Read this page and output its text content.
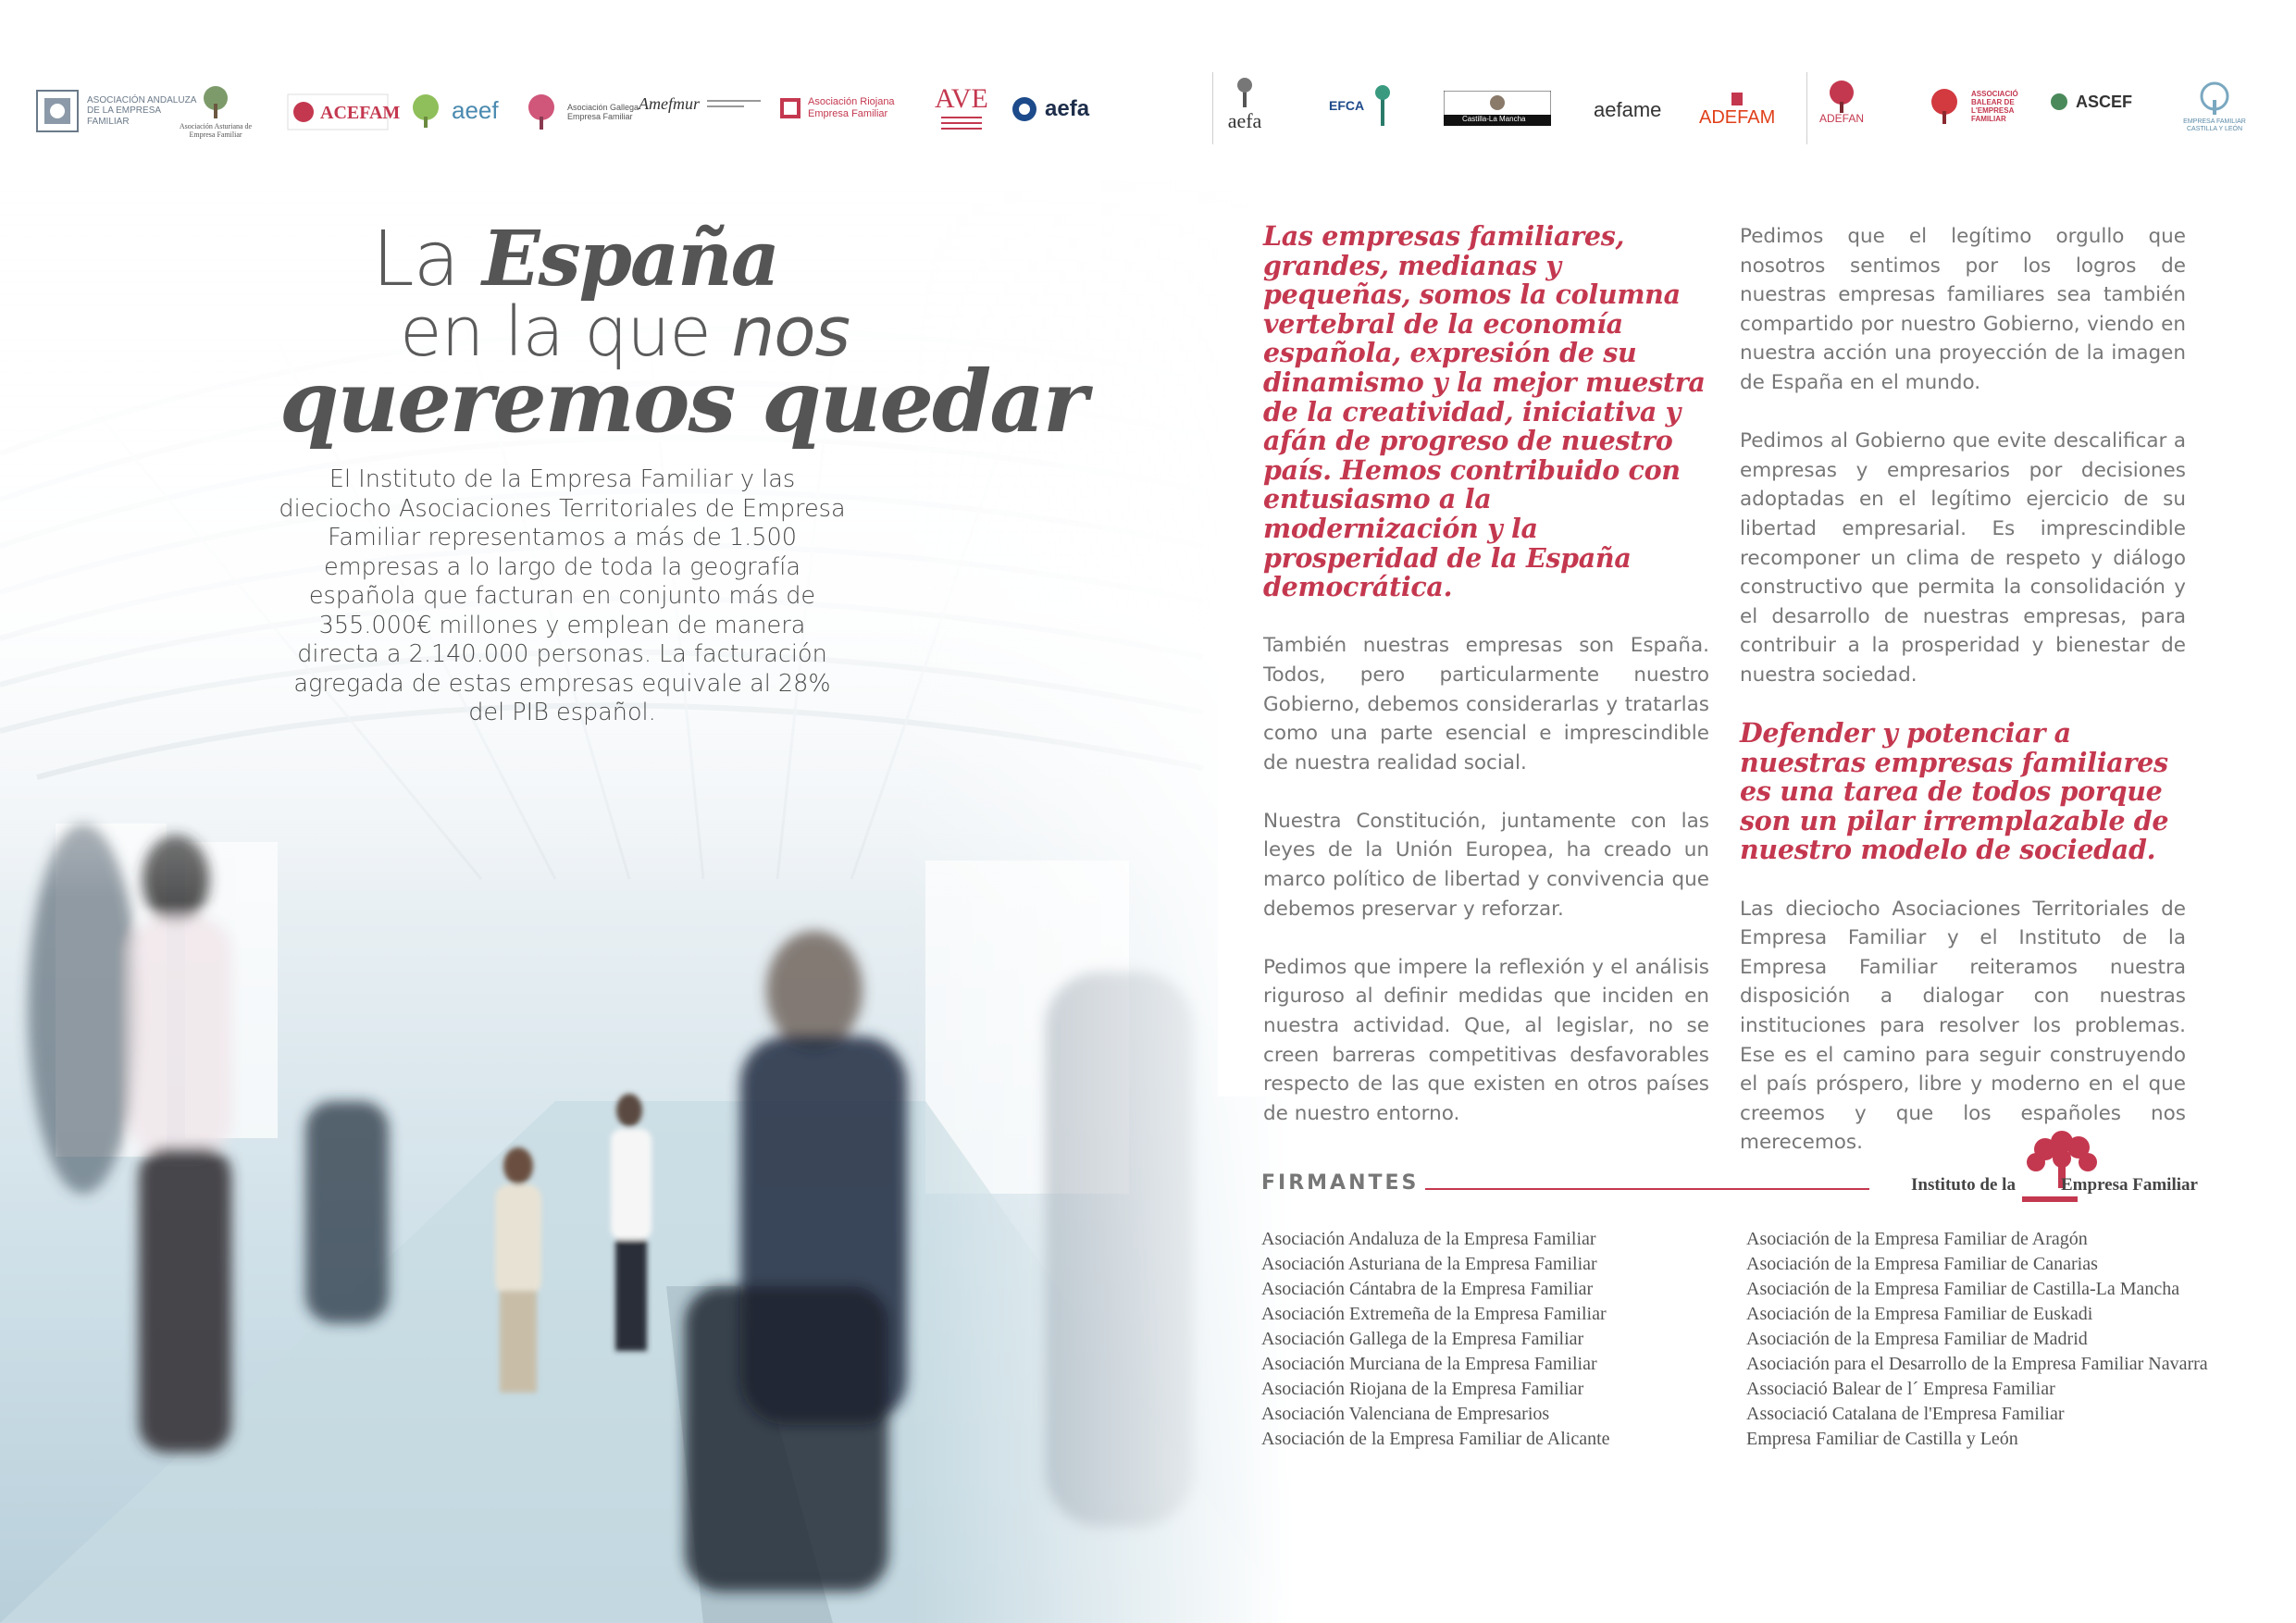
ASOCIACIÓN ANDALUZA DE LA EMPRESA FAMILIAR	Asociación Asturiana de Empresa Familiar
ACEFAM aeef	Asociación Gallega Empresa Familiar
Amefmur	Asociación Riojana Empresa Familiar	AVE	aefa	aefa
EFCA
Castilla-La Mancha	aefame ADEFAM	ADEFAN
ASSOCIACIÓ BALEAR DE L'EMPRESA FAMILIAR
ASCEF
EMPRESA FAMILIAR CASTILLA Y LEÓN
La España
en la que nos
queremos quedar
El Instituto de la Empresa Familiar y las dieciocho Asociaciones Territoriales de Empresa Familiar representamos a más de 1.500 empresas a lo largo de toda la geografía española que facturan en conjunto más de 355.000€ millones y emplean de manera directa a 2.140.000 personas. La facturación agregada de estas empresas equivale al 28% del PIB español.

Las empresas familiares, grandes, medianas y pequeñas, somos la columna vertebral de la economía española, expresión de su dinamismo y la mejor muestra de la creatividad, iniciativa y afán de progreso de nuestro país. Hemos contribuido con entusiasmo a la modernización y la prosperidad de la España democrática.

También nuestras empresas son España. Todos, pero particularmente nuestro Gobierno, debemos considerarlas y tratarlas como una parte esencial e imprescindible de nuestra realidad social.

Nuestra Constitución, juntamente con las leyes de la Unión Europea, ha creado un marco político de libertad y convivencia que debemos preservar y reforzar.

Pedimos que impere la reflexión y el análisis riguroso al definir medidas que inciden en nuestra actividad. Que, al legislar, no se creen barreras competitivas desfavorables respecto de las que existen en otros países de nuestro entorno.

Pedimos que el legítimo orgullo que nosotros sentimos por los logros de nuestras empresas familiares sea también compartido por nuestro Gobierno, viendo en nuestra acción una proyección de la imagen de España en el mundo.

Pedimos al Gobierno que evite descalificar a empresas y empresarios por decisiones adoptadas en el legítimo ejercicio de su libertad empresarial. Es imprescindible recomponer un clima de respeto y diálogo constructivo que permita la consolidación y el desarrollo de nuestras empresas, para contribuir a la prosperidad y bienestar de nuestra sociedad.

Defender y potenciar a nuestras empresas familiares es una tarea de todos porque son un pilar irremplazable de nuestro modelo de sociedad.

Las dieciocho Asociaciones Territoriales de Empresa Familiar y el Instituto de la Empresa Familiar reiteramos nuestra disposición a dialogar con nuestras instituciones para resolver los problemas. Ese es el camino para seguir construyendo el país próspero, libre y moderno en el que creemos y que los españoles nos merecemos.

FIRMANTES	Instituto de la	Empresa Familiar
Asociación Andaluza de la Empresa Familiar
Asociación Asturiana de la Empresa Familiar
Asociación Cántabra de la Empresa Familiar
Asociación Extremeña de la Empresa Familiar
Asociación Gallega de la Empresa Familiar
Asociación Murciana de la Empresa Familiar
Asociación Riojana de la Empresa Familiar
Asociación Valenciana de Empresarios
Asociación de la Empresa Familiar de Alicante
Asociación de la Empresa Familiar de Aragón
Asociación de la Empresa Familiar de Canarias
Asociación de la Empresa Familiar de Castilla-La Mancha
Asociación de la Empresa Familiar de Euskadi
Asociación de la Empresa Familiar de Madrid
Asociación para el Desarrollo de la Empresa Familiar Navarra
Associació Balear de l´ Empresa Familiar
Associació Catalana de l'Empresa Familiar
Empresa Familiar de Castilla y León
